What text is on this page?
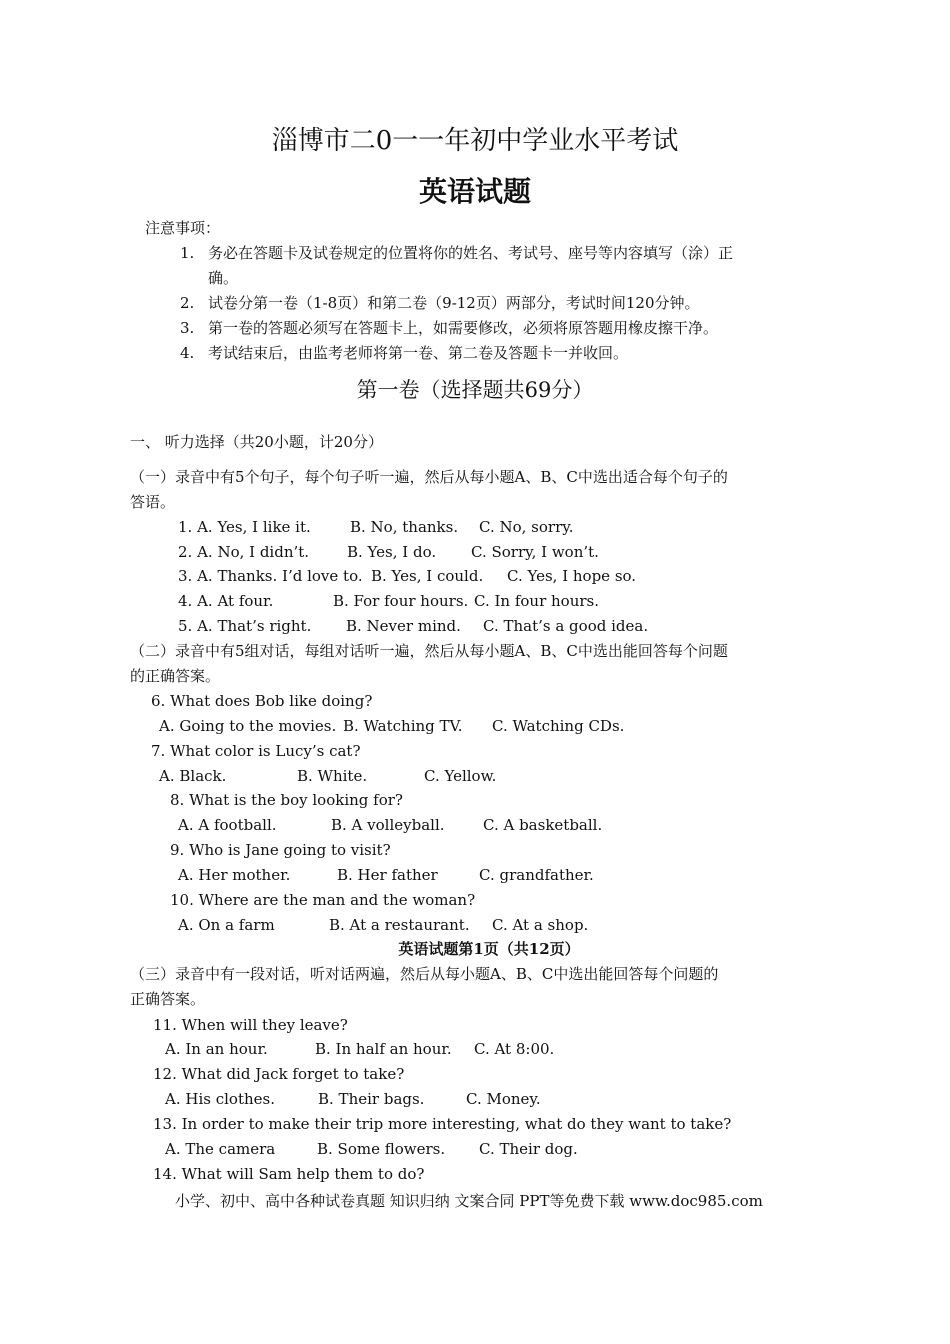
淄博市二0一一年初中学业水平考试
英语试题
注意事项：
1. 务必在答题卡及试卷规定的位置将你的姓名、考试号、座号等内容填写（涂）正
确。
2. 试卷分第一卷（1-8页）和第二卷（9-12页）两部分，考试时间120分钟。
3. 第一卷的答题必须写在答题卡上，如需要修改，必须将原答题用橡皮擦干净。
4. 考试结束后，由监考老师将第一卷、第二卷及答题卡一并收回。
第一卷（选择题共69分）
一、 听力选择（共20小题，计20分）
（一）录音中有5个句子，每个句子听一遍，然后从每小题A、B、C中选出适合每个句子的
答语。
1. A. Yes, I like it.	B. No, thanks. C. No, sorry.
2. A. No, I didn’t.	B. Yes, I do. C. Sorry, I won’t.
3. A. Thanks. I’d love to. B. Yes, I could. C. Yes, I hope so.
4. A. At four.	B. For four hours. C. In four hours.
5. A. That’s right. B. Never mind. C. That’s a good idea.
（二）录音中有5组对话，每组对话听一遍，然后从每小题A、B、C中选出能回答每个问题
的正确答案。
6. What does Bob like doing?
A. Going to the movies. B. Watching TV. C. Watching CDs.
7. What color is Lucy’s cat?
A. Black.	B. White.	C. Yellow.
8. What is the boy looking for?
A. A football.	B. A volleyball.	C. A basketball.
9. Who is Jane going to visit?
A. Her mother.	B. Her father	C. grandfather.
10. Where are the man and the woman?
A. On a farm	B. At a restaurant. C. At a shop.
英语试题第1页（共12页）
（三）录音中有一段对话，听对话两遍，然后从每小题A、B、C中选出能回答每个问题的
正确答案。
11. When will they leave?
A. In an hour.	B. In half an hour. C. At 8:00.
12. What did Jack forget to take?
A. His clothes.	B. Their bags.	C. Money.
13. In order to make their trip more interesting, what do they want to take?
A. The camera	B. Some flowers. C. Their dog.
14. What will Sam help them to do?
小学、初中、高中各种试卷真题 知识归纳 文案合同 PPT等免费下载 www.doc985.com
